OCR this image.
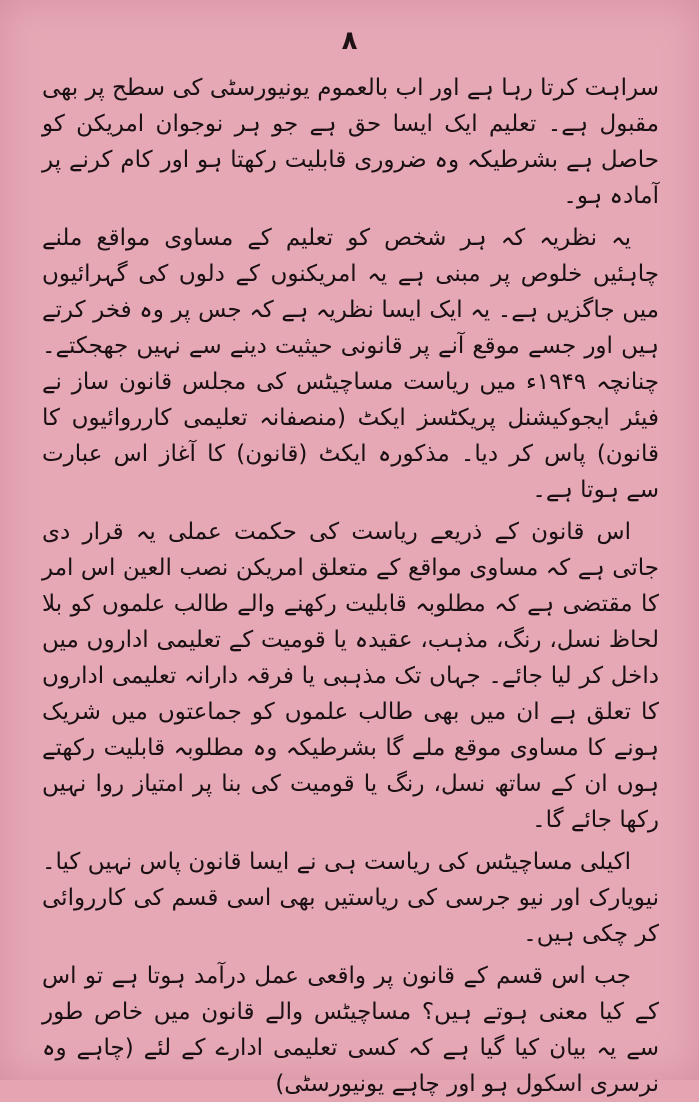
٨

سراہت کرتا رہا ہے اور اب بالعموم یونیورسٹی کی سطح پر بھی مقبول ہے۔ تعلیم ایک ایسا حق ہے جو ہر نوجوان امریکن کو حاصل ہے بشرطیکہ وہ ضروری قابلیت رکھتا ہو اور کام کرنے پر آمادہ ہو۔

یہ نظریہ کہ ہر شخص کو تعلیم کے مساوی مواقع ملنے چاہئیں خلوص پر مبنی ہے یہ امریکنوں کے دلوں کی گہرائیوں میں جاگزیں ہے۔ یہ ایک ایسا نظریہ ہے کہ جس پر وہ فخر کرتے ہیں اور جسے موقع آنے پر قانونی حیثیت دینے سے نہیں جھجکتے۔ چنانچہ ۱۹۴۹ء میں ریاست مساچیٹس کی مجلس قانون ساز نے فیئر ایجوکیشنل پریکٹسز ایکٹ (منصفانہ تعلیمی کارروائیوں کا قانون) پاس کر دیا۔ مذکورہ ایکٹ (قانون) کا آغاز اس عبارت سے ہوتا ہے۔

اس قانون کے ذریعے ریاست کی حکمت عملی یہ قرار دی جاتی ہے کہ مساوی مواقع کے متعلق امریکن نصب العین اس امر کا مقتضی ہے کہ مطلوبہ قابلیت رکھنے والے طالب علموں کو بلا لحاظ نسل، رنگ، مذہب، عقیدہ یا قومیت کے تعلیمی اداروں میں داخل کر لیا جائے۔ جہاں تک مذہبی یا فرقہ دارانہ تعلیمی اداروں کا تعلق ہے ان میں بھی طالب علموں کو جماعتوں میں شریک ہونے کا مساوی موقع ملے گا بشرطیکہ وہ مطلوبہ قابلیت رکھتے ہوں ان کے ساتھ نسل، رنگ یا قومیت کی بنا پر امتیاز روا نہیں رکھا جائے گا۔

اکیلی مساچیٹس کی ریاست ہی نے ایسا قانون پاس نہیں کیا۔ نیویارک اور نیو جرسی کی ریاستیں بھی اسی قسم کی کارروائی کر چکی ہیں۔

جب اس قسم کے قانون پر واقعی عمل درآمد ہوتا ہے تو اس کے کیا معنی ہوتے ہیں؟ مساچیٹس والے قانون میں خاص طور سے یہ بیان کیا گیا ہے کہ کسی تعلیمی ادارے کے لئے (چاہے وہ نرسری اسکول ہو اور چاہے یونیورسٹی)
